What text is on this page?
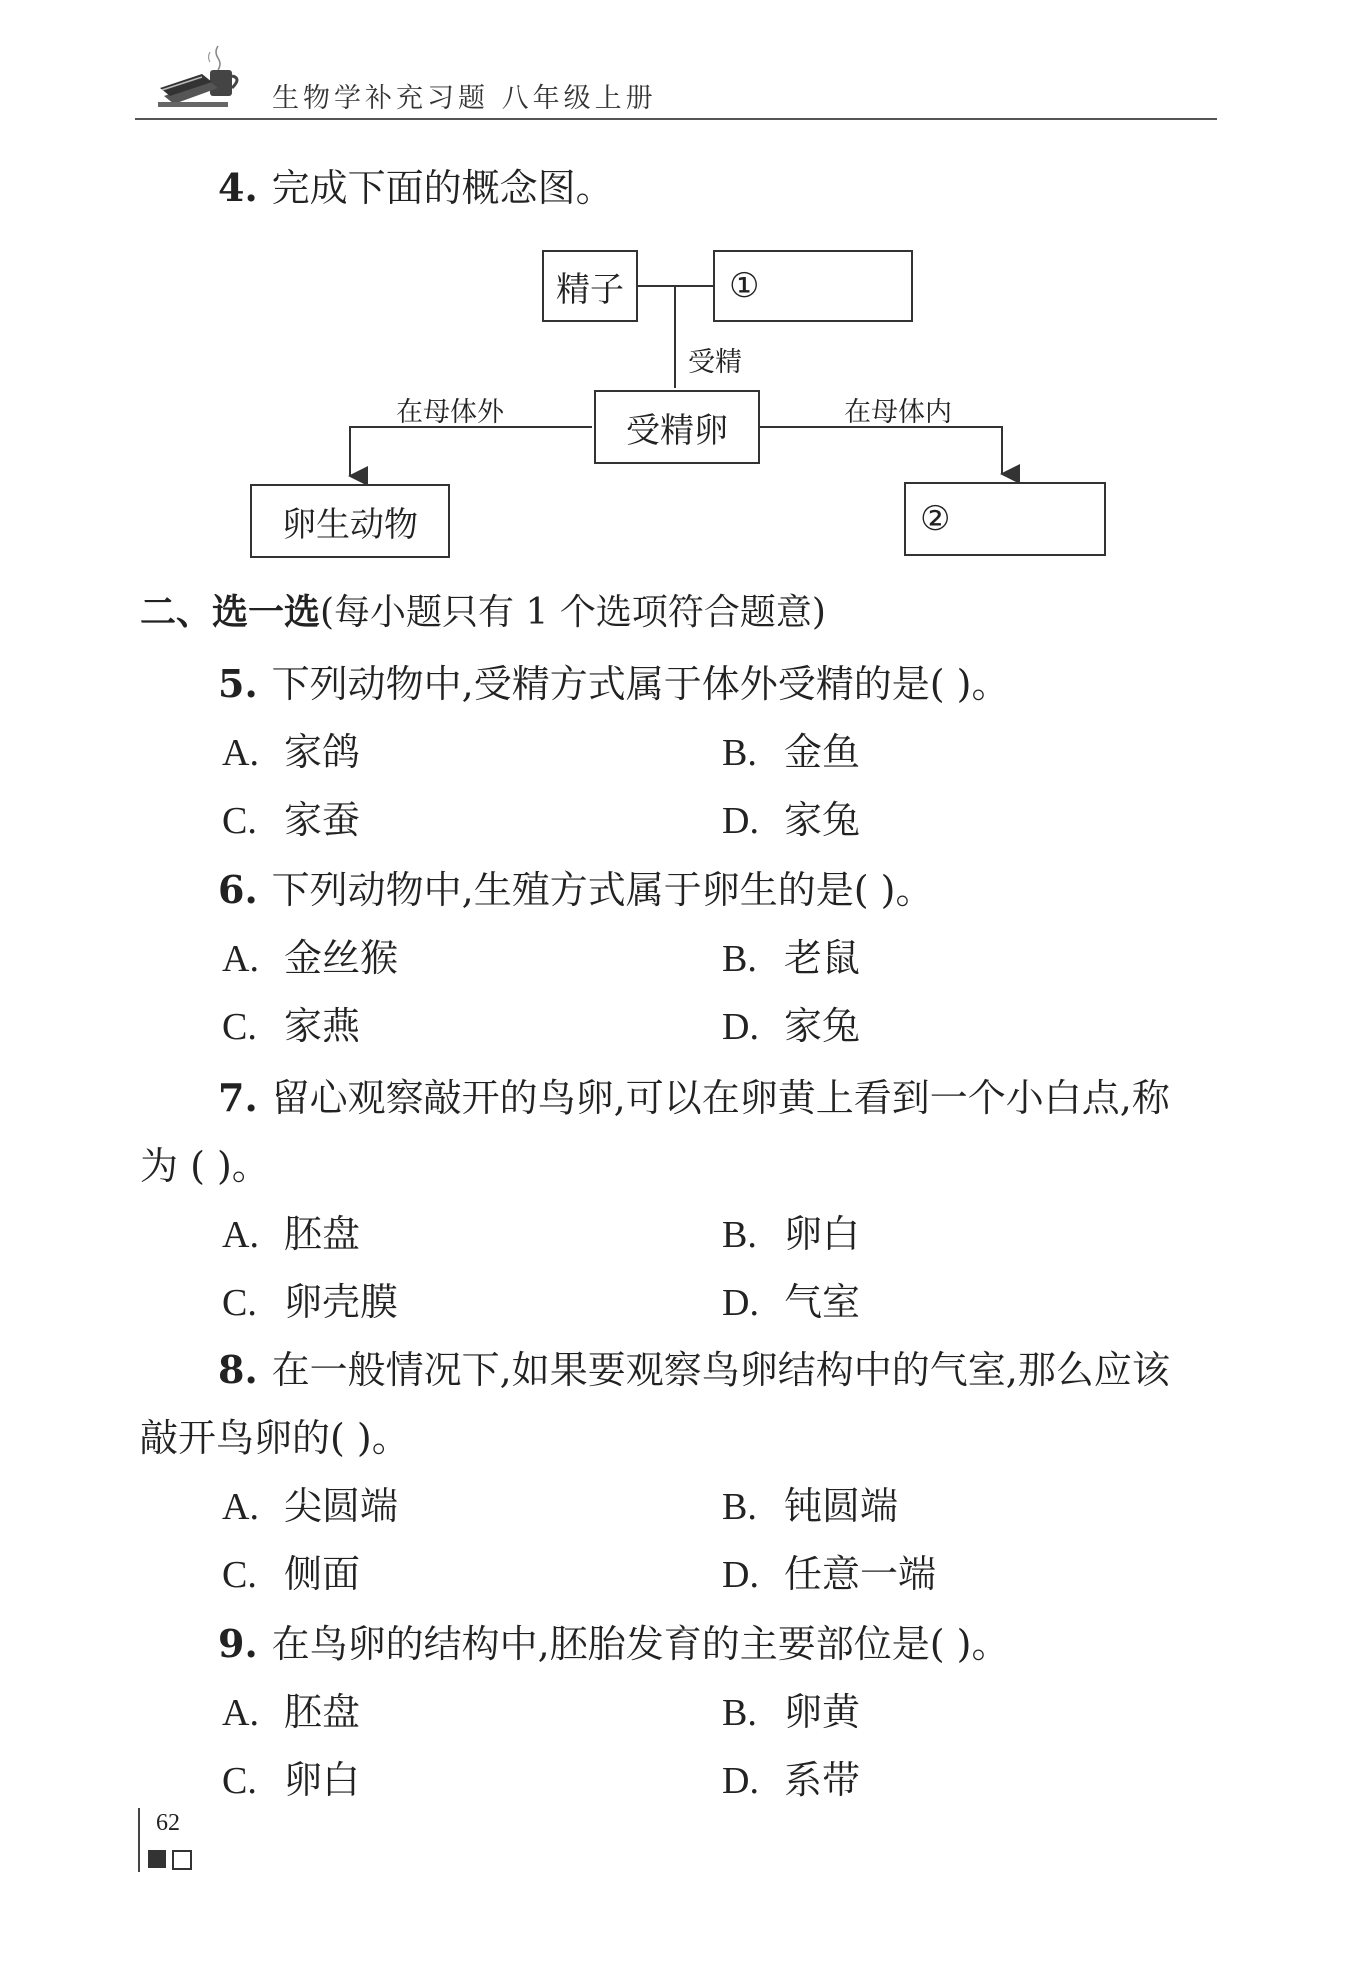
生物学补充习题 八年级上册
4. 完成下面的概念图。
精子	①
受精
在母体外	在母体内
受精卵
卵生动物	②
二、选一选(每小题只有 1 个选项符合题意)
5. 下列动物中,受精方式属于体外受精的是( )。
A. 家鸽	B. 金鱼
C. 家蚕	D. 家兔
6. 下列动物中,生殖方式属于卵生的是( )。
A. 金丝猴	B. 老鼠
C. 家燕	D. 家兔
7. 留心观察敲开的鸟卵,可以在卵黄上看到一个小白点,称
为 ( )。
A. 胚盘	B. 卵白
C. 卵壳膜	D. 气室
8. 在一般情况下,如果要观察鸟卵结构中的气室,那么应该
敲开鸟卵的( )。
A. 尖圆端	B. 钝圆端
C. 侧面	D. 任意一端
9. 在鸟卵的结构中,胚胎发育的主要部位是( )。
A. 胚盘	B. 卵黄
C. 卵白	D. 系带
62
